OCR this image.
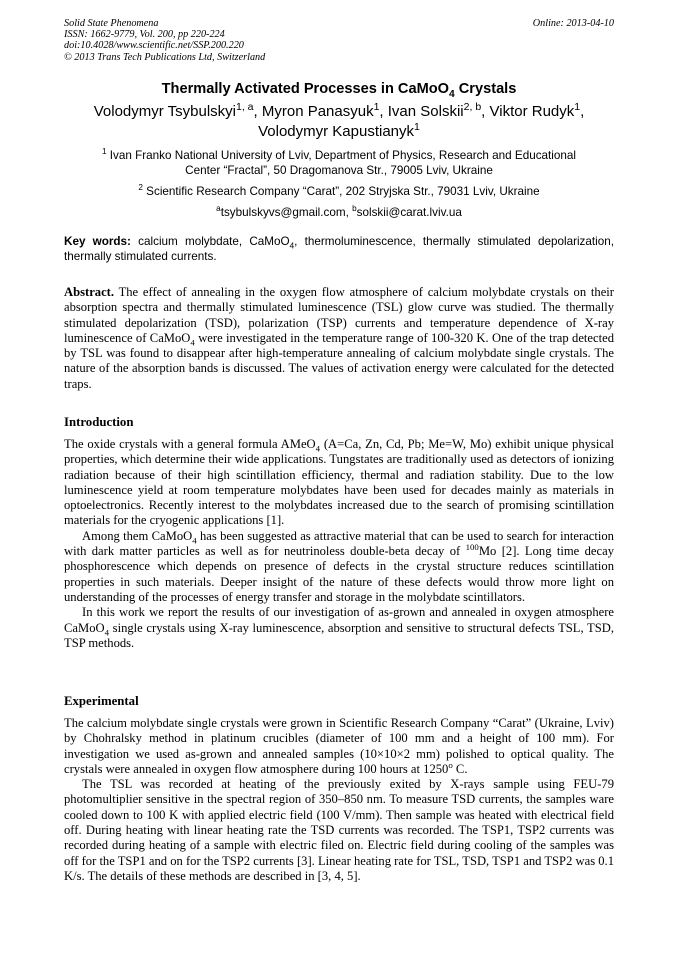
Solid State Phenomena
ISSN: 1662-9779, Vol. 200, pp 220-224
doi:10.4028/www.scientific.net/SSP.200.220
© 2013 Trans Tech Publications Ltd, Switzerland
Online: 2013-04-10
Thermally Activated Processes in CaMoO$_4$ Crystals
Volodymyr Tsybulskyi$^{1, a}$, Myron Panasyuk$^1$, Ivan Solskii$^{2, b}$, Viktor Rudyk$^1$,
Volodymyr Kapustianyk$^1$
$^1$ Ivan Franko National University of Lviv, Department of Physics, Research and Educational
Center “Fractal”, 50 Dragomanova Str., 79005 Lviv, Ukraine
$^2$ Scientific Research Company “Carat”, 202 Stryjska Str., 79031 Lviv, Ukraine
$^a$tsybulskyvs@gmail.com, $^b$solskii@carat.lviv.ua
Key words: calcium molybdate, CaMoO$_4$, thermoluminescence, thermally stimulated depolarization, thermally stimulated currents.
Abstract. The effect of annealing in the oxygen flow atmosphere of calcium molybdate crystals on their absorption spectra and thermally stimulated luminescence (TSL) glow curve was studied. The thermally stimulated depolarization (TSD), polarization (TSP) currents and temperature dependence of X-ray luminescence of CaMoO$_4$ were investigated in the temperature range of 100-320 K. One of the trap detected by TSL was found to disappear after high-temperature annealing of calcium molybdate single crystals. The nature of the absorption bands is discussed. The values of activation energy were calculated for the detected traps.
Introduction

The oxide crystals with a general formula AMeO$_4$ (A=Ca, Zn, Cd, Pb; Me=W, Mo) exhibit unique physical properties, which determine their wide applications. Tungstates are traditionally used as detectors of ionizing radiation because of their high scintillation efficiency, thermal and radiation stability. Due to the low luminescence yield at room temperature molybdates have been used for decades mainly as materials in optoelectronics. Recently interest to the molybdates increased due to the search of promising scintillation materials for the cryogenic applications [1].

Among them CaMoO$_4$ has been suggested as attractive material that can be used to search for interaction with dark matter particles as well as for neutrinoless double-beta decay of $^{100}$Mo [2]. Long time decay phosphorescence which depends on presence of defects in the crystal structure reduces scintillation properties in such materials. Deeper insight of the nature of these defects would throw more light on understanding of the processes of energy transfer and storage in the molybdate scintillators.

In this work we report the results of our investigation of as-grown and annealed in oxygen atmosphere CaMoO$_4$ single crystals using X-ray luminescence, absorption and sensitive to structural defects TSL, TSD, TSP methods.

Experimental

The calcium molybdate single crystals were grown in Scientific Research Company “Carat” (Ukraine, Lviv) by Chohralsky method in platinum crucibles (diameter of 100 mm and a height of 100 mm). For investigation we used as-grown and annealed samples (10×10×2 mm) polished to optical quality. The crystals were annealed in oxygen flow atmosphere during 100 hours at 1250$^o$ C.

The TSL was recorded at heating of the previously exited by X-rays sample using FEU-79 photomultiplier sensitive in the spectral region of 350–850 nm. To measure TSD currents, the samples ware cooled down to 100 K with applied electric field (100 V/mm). Then sample was heated with electrical field off. During heating with linear heating rate the TSD currents was recorded. The TSP1, TSP2 currents was recorded during heating of a sample with electric filed on. Electric field during cooling of the samples was off for the TSP1 and on for the TSP2 currents [3]. Linear heating rate for TSL, TSD, TSP1 and TSP2 was 0.1 K/s. The details of these methods are described in [3, 4, 5].
